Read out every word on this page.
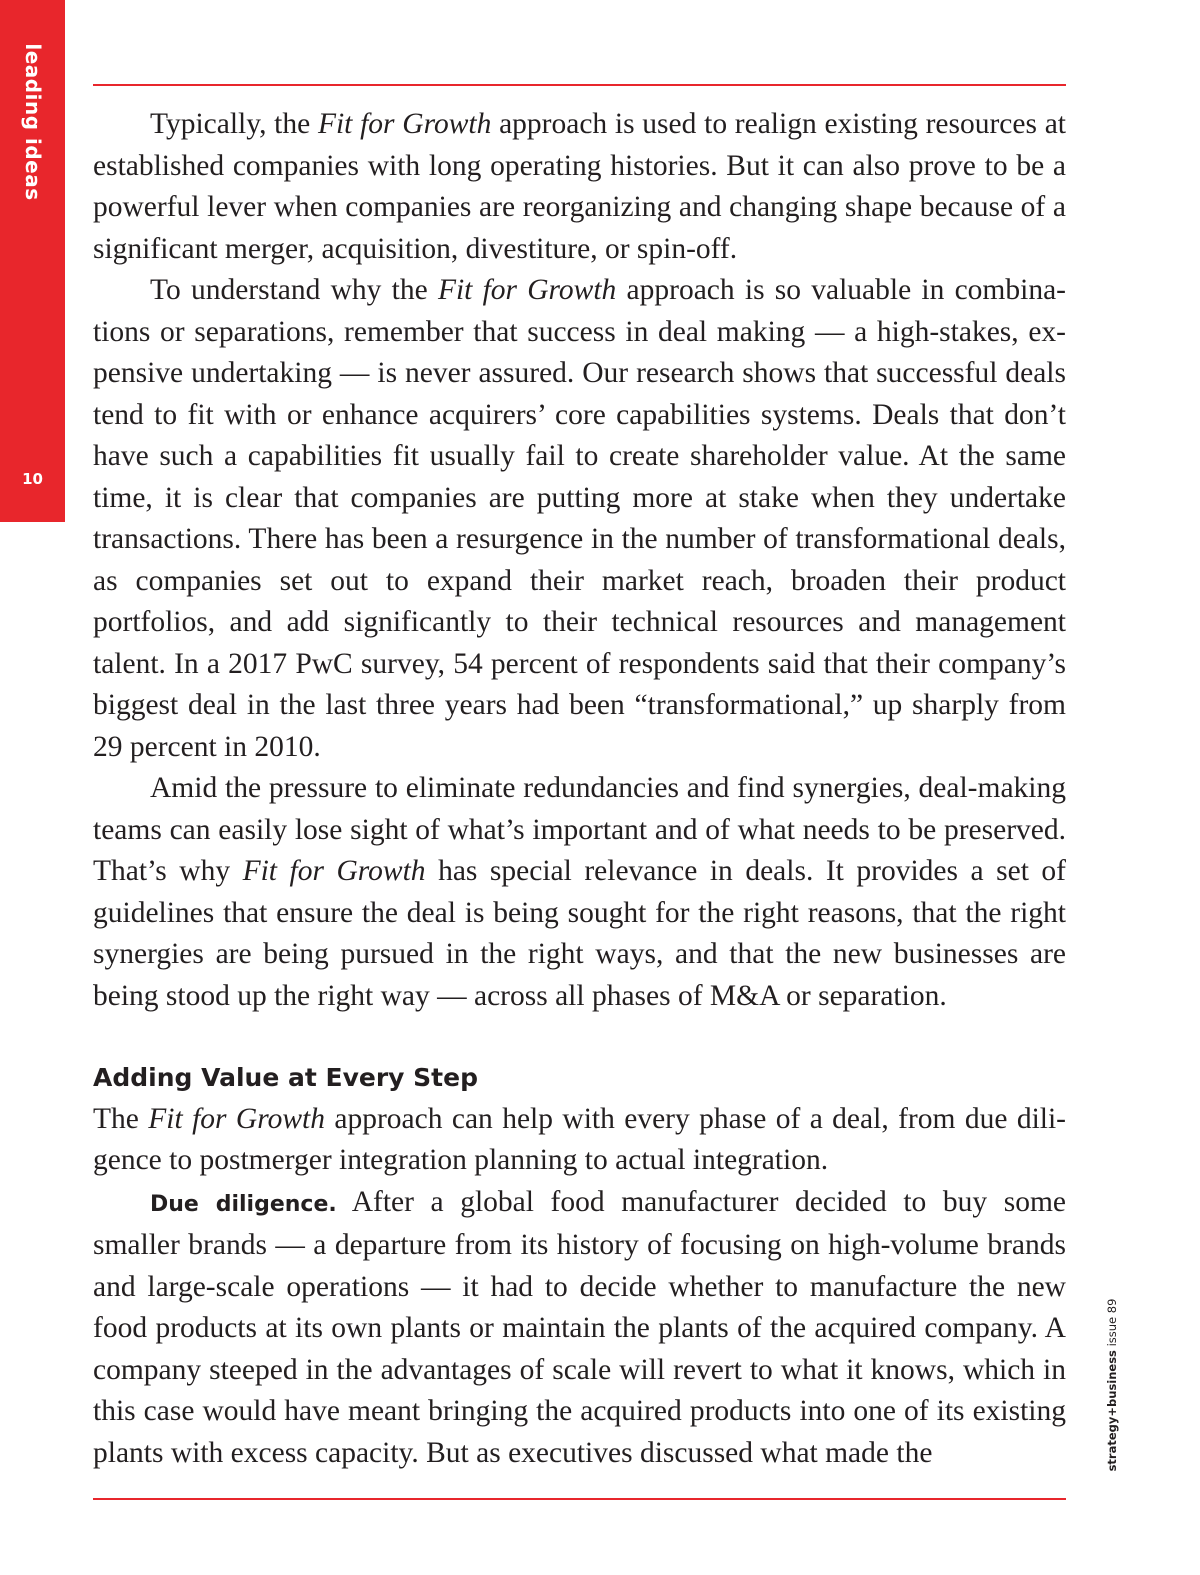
leading ideas
10

Typically, the Fit for Growth approach is used to realign existing resources at established companies with long operating histories. But it can also prove to be a powerful lever when companies are reorganizing and changing shape because of a significant merger, acquisition, divestiture, or spin-off.

To understand why the Fit for Growth approach is so valuable in combinations or separations, remember that success in deal making — a high-stakes, expensive undertaking — is never assured. Our research shows that successful deals tend to fit with or enhance acquirers’ core capabilities systems. Deals that don’t have such a capabilities fit usually fail to create shareholder value. At the same time, it is clear that companies are putting more at stake when they undertake transactions. There has been a resurgence in the number of transformational deals, as companies set out to expand their market reach, broaden their product portfolios, and add significantly to their technical resources and management talent. In a 2017 PwC survey, 54 percent of respondents said that their company’s biggest deal in the last three years had been “transformational,” up sharply from 29 percent in 2010.

Amid the pressure to eliminate redundancies and find synergies, deal-making teams can easily lose sight of what’s important and of what needs to be preserved. That’s why Fit for Growth has special relevance in deals. It provides a set of guidelines that ensure the deal is being sought for the right reasons, that the right synergies are being pursued in the right ways, and that the new businesses are being stood up the right way — across all phases of M&A or separation.

Adding Value at Every Step

The Fit for Growth approach can help with every phase of a deal, from due diligence to postmerger integration planning to actual integration.

Due diligence. After a global food manufacturer decided to buy some smaller brands — a departure from its history of focusing on high-volume brands and large-scale operations — it had to decide whether to manufacture the new food products at its own plants or maintain the plants of the acquired company. A company steeped in the advantages of scale will revert to what it knows, which in this case would have meant bringing the acquired products into one of its existing plants with excess capacity. But as executives discussed what made the	strategy+business issue 89
